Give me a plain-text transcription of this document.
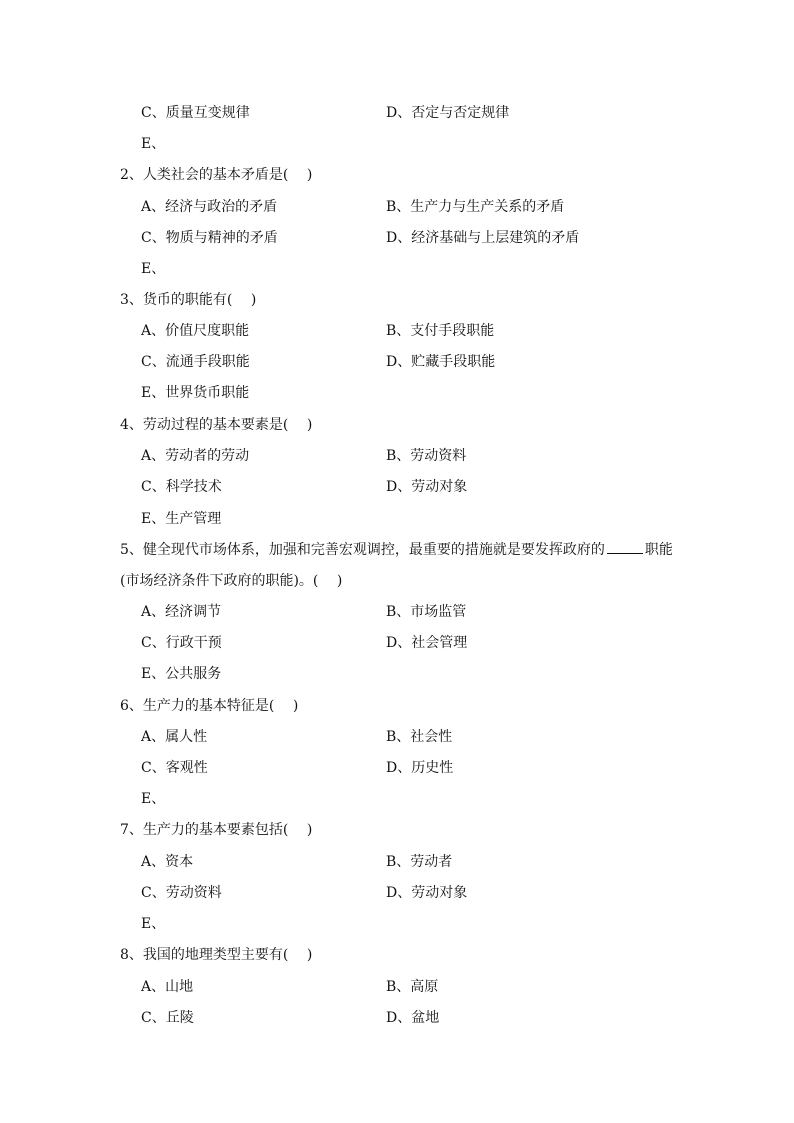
C、质量互变规律	D、否定与否定规律
E、
2、人类社会的基本矛盾是(　 )
A、经济与政治的矛盾	B、生产力与生产关系的矛盾
C、物质与精神的矛盾	D、经济基础与上层建筑的矛盾
E、
3、货币的职能有(　 )
A、价值尺度职能	B、支付手段职能
C、流通手段职能	D、贮藏手段职能
E、世界货币职能
4、劳动过程的基本要素是(　 )
A、劳动者的劳动	B、劳动资料
C、科学技术	D、劳动对象
E、生产管理
5、健全现代市场体系，加强和完善宏观调控，最重要的措施就是要发挥政府的	职能
(市场经济条件下政府的职能)。(　 )
A、经济调节	B、市场监管
C、行政干预	D、社会管理
E、公共服务
6、生产力的基本特征是(　 )
A、属人性	B、社会性
C、客观性	D、历史性
E、
7、生产力的基本要素包括(　 )
A、资本	B、劳动者
C、劳动资料	D、劳动对象
E、
8、我国的地理类型主要有(　 )
A、山地	B、高原
C、丘陵	D、盆地
